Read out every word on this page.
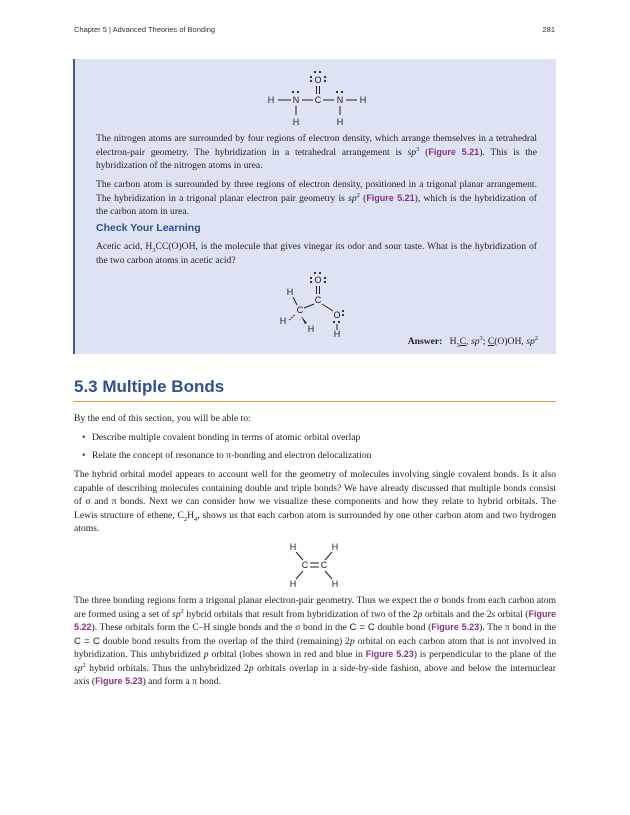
Chapter 5 | Advanced Theories of Bonding	281
H N C
O
N H
H	H

The nitrogen atoms are surrounded by four regions of electron density, which arrange themselves in a tetrahedral electron-pair geometry. The hybridization in a tetrahedral arrangement is $sp^3$ (Figure 5.21). This is the hybridization of the nitrogen atoms in urea.

The carbon atom is surrounded by three regions of electron density, positioned in a trigonal planar arrangement. The hybridization in a trigonal planar electron pair geometry is $sp^2$ (Figure 5.21), which is the hybridization of the carbon atom in urea.

Check Your Learning

Acetic acid, $H_3CC(O)OH$, is the molecule that gives vinegar its odor and sour taste. What is the hybridization of the two carbon atoms in acetic acid?

O
H
C
C	O
H
H
H
Answer: $H_3C$, $sp^3$; C(O)OH, $sp^2$
5.3 Multiple Bonds

By the end of this section, you will be able to:

• Describe multiple covalent bonding in terms of atomic orbital overlap
• Relate the concept of resonance to π-bonding and electron delocalization

The hybrid orbital model appears to account well for the geometry of molecules involving single covalent bonds. Is it also capable of describing molecules containing double and triple bonds? We have already discussed that multiple bonds consist of σ and π bonds. Next we can consider how we visualize these components and how they relate to hybrid orbitals. The Lewis structure of ethene, $C_2H_4$, shows us that each carbon atom is surrounded by one other carbon atom and two hydrogen atoms.

H	H
C C
H	H

The three bonding regions form a trigonal planar electron-pair geometry. Thus we expect the σ bonds from each carbon atom are formed using a set of $sp^2$ hybrid orbitals that result from hybridization of two of the 2p orbitals and the 2s orbital (Figure 5.22). These orbitals form the C–H single bonds and the σ bond in the C = C double bond (Figure 5.23). The π bond in the C = C double bond results from the overlap of the third (remaining) 2p orbital on each carbon atom that is not involved in hybridization. This unhybridized p orbital (lobes shown in red and blue in Figure 5.23) is perpendicular to the plane of the $sp^2$ hybrid orbitals. Thus the unhybridized 2p orbitals overlap in a side-by-side fashion, above and below the internuclear axis (Figure 5.23) and form a π bond.
